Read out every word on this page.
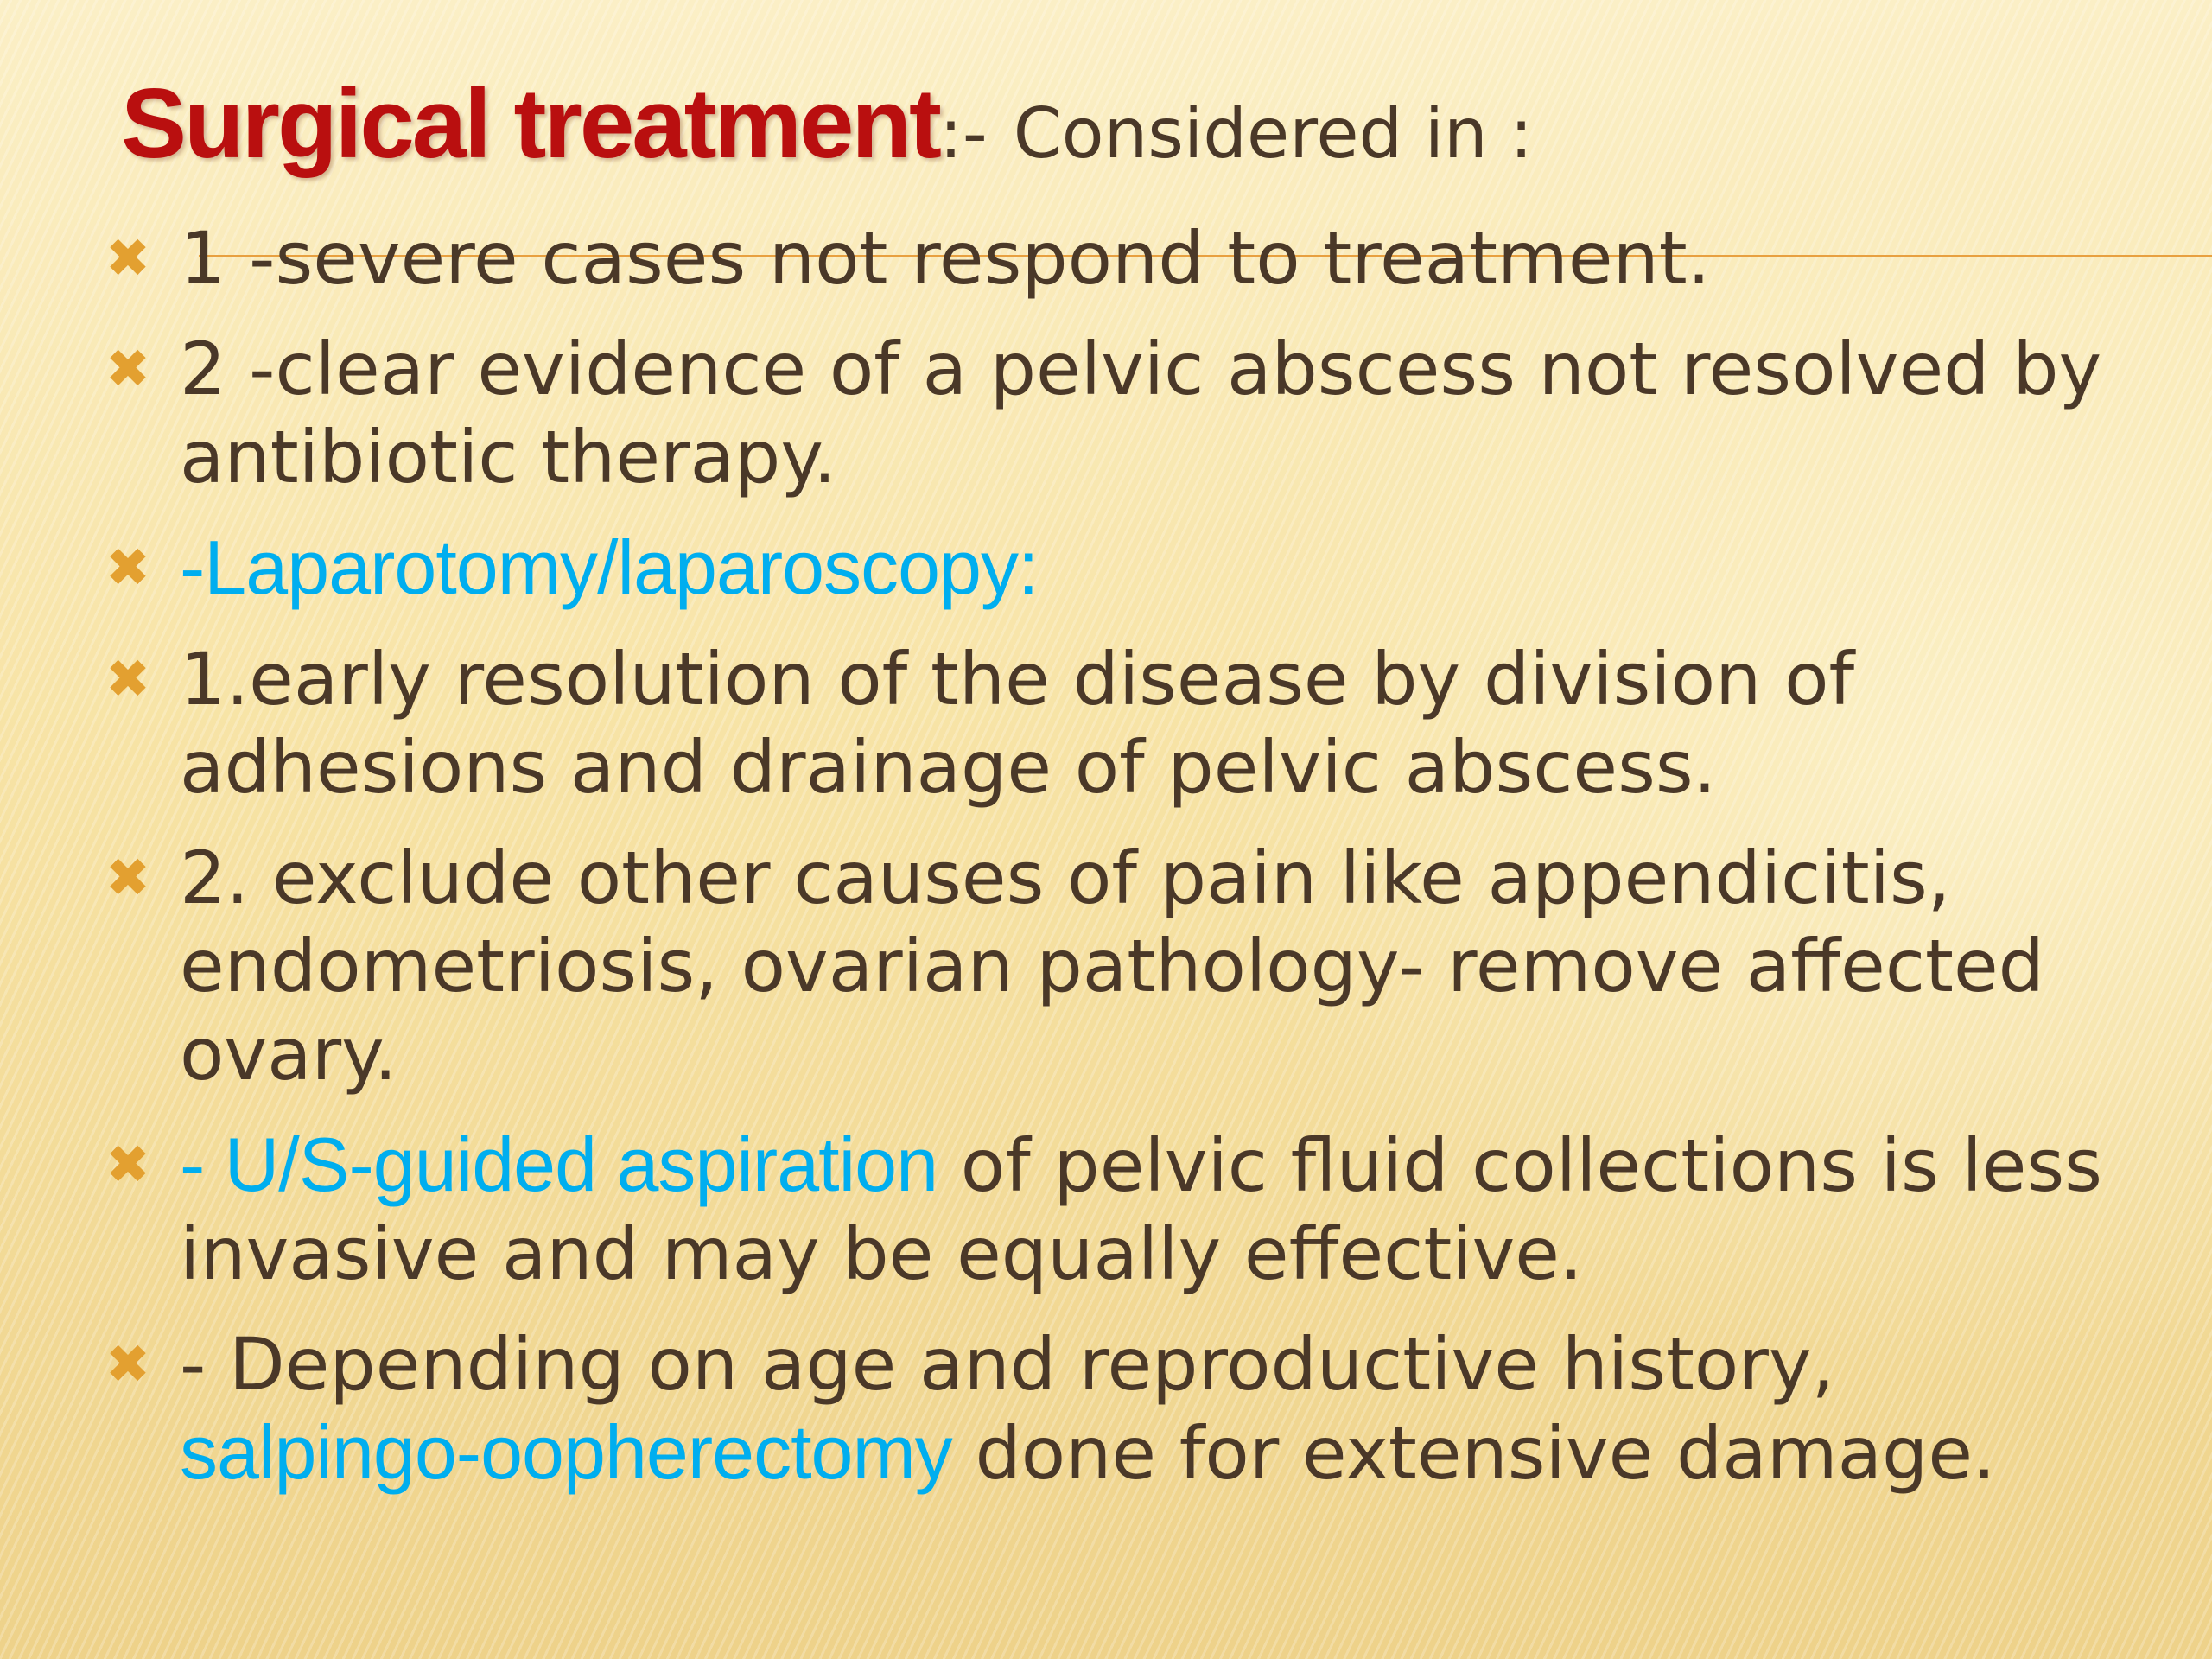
Surgical treatment:- Considered in :
✖ 1 -severe cases not respond to treatment.
✖ 2 -clear evidence of a pelvic abscess not resolved by antibiotic therapy.
✖ -Laparotomy/laparoscopy:
✖ 1.early resolution of the disease by division of adhesions and drainage of pelvic abscess.
✖ 2. exclude other causes of pain like appendicitis, endometriosis, ovarian pathology- remove affected ovary.
✖ - U/S-guided aspiration of pelvic fluid collections is less invasive and may be equally effective.
✖ - Depending on age and reproductive history, salpingo-oopherectomy done for extensive damage.
